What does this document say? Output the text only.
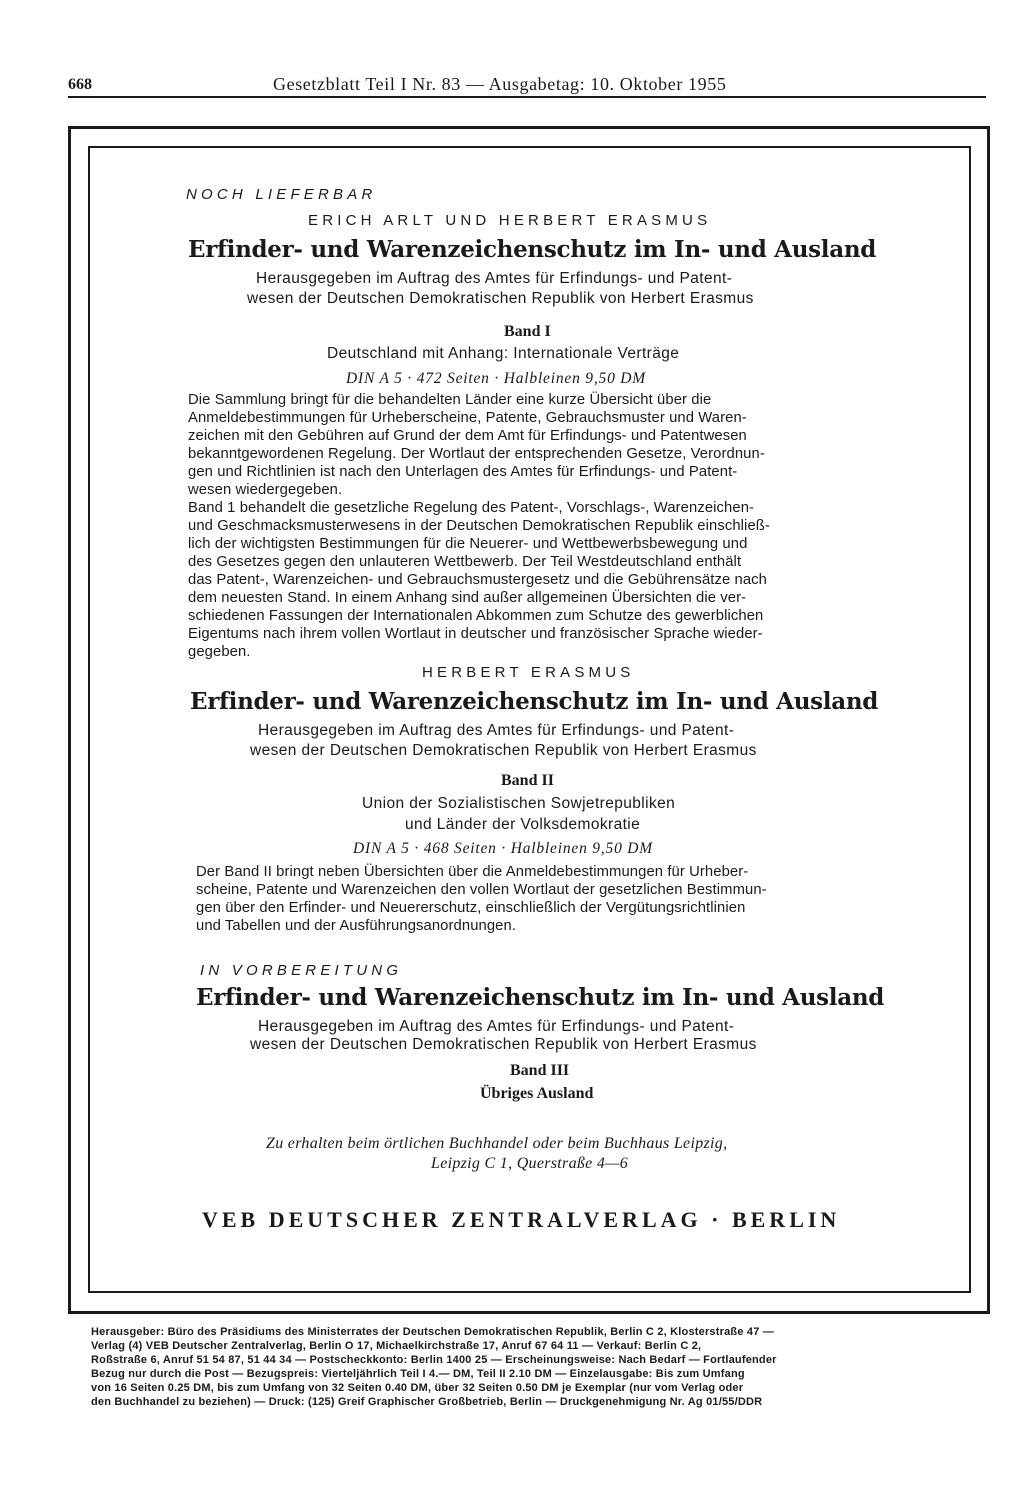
668	Gesetzblatt Teil I Nr. 83 — Ausgabetag: 10. Oktober 1955
NOCH LIEFERBAR
ERICH ARLT UND HERBERT ERASMUS
Erfinder- und Warenzeichenschutz im In- und Ausland
Herausgegeben im Auftrag des Amtes für Erfindungs- und Patent-
wesen der Deutschen Demokratischen Republik von Herbert Erasmus
Band I
Deutschland mit Anhang: Internationale Verträge
DIN A 5 · 472 Seiten · Halbleinen 9,50 DM
Die Sammlung bringt für die behandelten Länder eine kurze Übersicht über die
Anmeldebestimmungen für Urheberscheine, Patente, Gebrauchsmuster und Waren-
zeichen mit den Gebühren auf Grund der dem Amt für Erfindungs- und Patentwesen
bekanntgewordenen Regelung. Der Wortlaut der entsprechenden Gesetze, Verordnun-
gen und Richtlinien ist nach den Unterlagen des Amtes für Erfindungs- und Patent-
wesen wiedergegeben.
Band 1 behandelt die gesetzliche Regelung des Patent-, Vorschlags-, Warenzeichen-
und Geschmacksmusterwesens in der Deutschen Demokratischen Republik einschließ-
lich der wichtigsten Bestimmungen für die Neuerer- und Wettbewerbsbewegung und
des Gesetzes gegen den unlauteren Wettbewerb. Der Teil Westdeutschland enthält
das Patent-, Warenzeichen- und Gebrauchsmustergesetz und die Gebührensätze nach
dem neuesten Stand. In einem Anhang sind außer allgemeinen Übersichten die ver-
schiedenen Fassungen der Internationalen Abkommen zum Schutze des gewerblichen
Eigentums nach ihrem vollen Wortlaut in deutscher und französischer Sprache wieder-
gegeben.
HERBERT ERASMUS
Erfinder- und Warenzeichenschutz im In- und Ausland
Herausgegeben im Auftrag des Amtes für Erfindungs- und Patent-
wesen der Deutschen Demokratischen Republik von Herbert Erasmus
Band II
Union der Sozialistischen Sowjetrepubliken
und Länder der Volksdemokratie
DIN A 5 · 468 Seiten · Halbleinen 9,50 DM
Der Band II bringt neben Übersichten über die Anmeldebestimmungen für Urheber-
scheine, Patente und Warenzeichen den vollen Wortlaut der gesetzlichen Bestimmun-
gen über den Erfinder- und Neuererschutz, einschließlich der Vergütungsrichtlinien
und Tabellen und der Ausführungsanordnungen.
IN VORBEREITUNG
Erfinder- und Warenzeichenschutz im In- und Ausland
Herausgegeben im Auftrag des Amtes für Erfindungs- und Patent-
wesen der Deutschen Demokratischen Republik von Herbert Erasmus
Band III
Übriges Ausland
Zu erhalten beim örtlichen Buchhandel oder beim Buchhaus Leipzig,
Leipzig C 1, Querstraße 4—6
VEB DEUTSCHER ZENTRALVERLAG · BERLIN
Herausgeber: Büro des Präsidiums des Ministerrates der Deutschen Demokratischen Republik, Berlin C 2, Klosterstraße 47 —
Verlag (4) VEB Deutscher Zentralverlag, Berlin O 17, Michaelkirchstraße 17, Anruf 67 64 11 — Verkauf: Berlin C 2,
Roßstraße 6, Anruf 51 54 87, 51 44 34 — Postscheckkonto: Berlin 1400 25 — Erscheinungsweise: Nach Bedarf — Fortlaufender
Bezug nur durch die Post — Bezugspreis: Vierteljährlich Teil I 4.— DM, Teil II 2.10 DM — Einzelausgabe: Bis zum Umfang
von 16 Seiten 0.25 DM, bis zum Umfang von 32 Seiten 0.40 DM, über 32 Seiten 0.50 DM je Exemplar (nur vom Verlag oder
den Buchhandel zu beziehen) — Druck: (125) Greif Graphischer Großbetrieb, Berlin — Druckgenehmigung Nr. Ag 01/55/DDR
